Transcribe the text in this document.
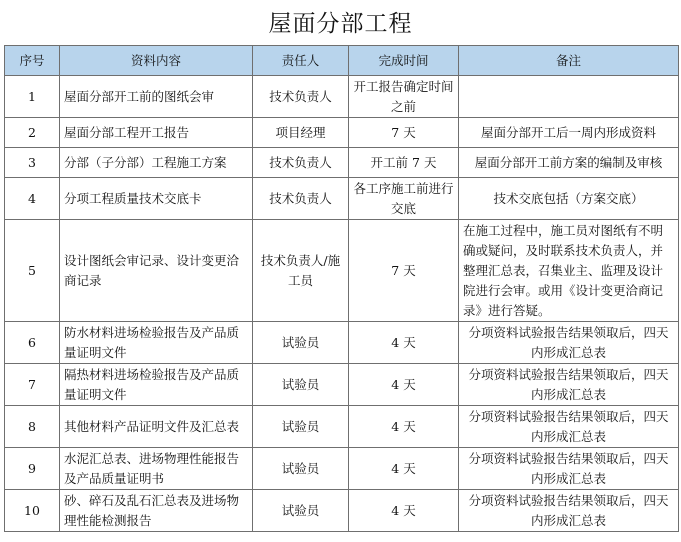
屋面分部工程
序号	资料内容	责任人	完成时间	备注
1	屋面分部开工前的图纸会审	技术负责人	开工报告确定时间之前	
2	屋面分部工程开工报告	项目经理	7 天	屋面分部开工后一周内形成资料
3	分部（子分部）工程施工方案	技术负责人	开工前 7 天	屋面分部开工前方案的编制及审核
4	分项工程质量技术交底卡	技术负责人	各工序施工前进行交底	技术交底包括（方案交底）
5	设计图纸会审记录、设计变更洽商记录	技术负责人/施工员	7 天	在施工过程中，施工员对图纸有不明确或疑问，及时联系技术负责人，并整理汇总表，召集业主、监理及设计院进行会审。或用《设计变更洽商记录》进行答疑。
6	防水材料进场检验报告及产品质量证明文件	试验员	4 天	分项资料试验报告结果领取后，四天内形成汇总表
7	隔热材料进场检验报告及产品质量证明文件	试验员	4 天	分项资料试验报告结果领取后，四天内形成汇总表
8	其他材料产品证明文件及汇总表	试验员	4 天	分项资料试验报告结果领取后，四天内形成汇总表
9	水泥汇总表、进场物理性能报告及产品质量证明书	试验员	4 天	分项资料试验报告结果领取后，四天内形成汇总表
10	砂、碎石及乱石汇总表及进场物理性能检测报告	试验员	4 天	分项资料试验报告结果领取后，四天内形成汇总表
